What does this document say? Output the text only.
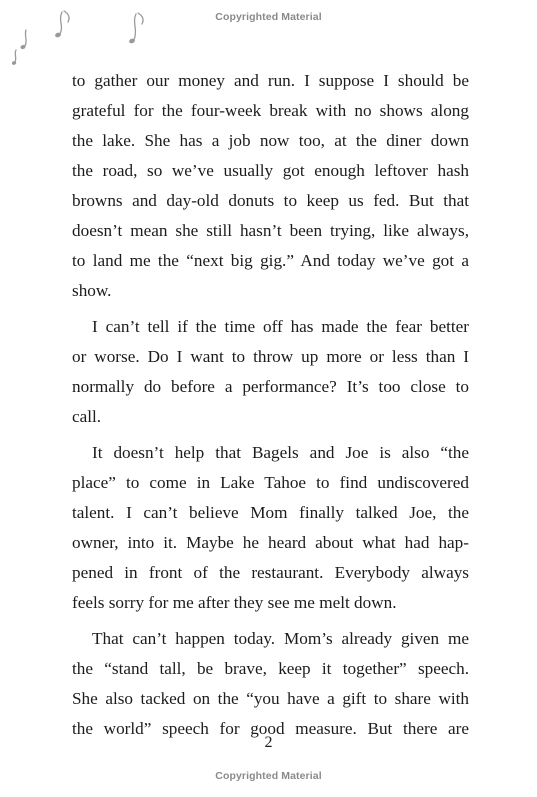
Copyrighted Material
to gather our money and run. I suppose I should be
grateful for the four-week break with no shows along
the lake. She has a job now too, at the diner down
the road, so we’ve usually got enough leftover hash
browns and day-old donuts to keep us fed. But that
doesn’t mean she still hasn’t been trying, like always,
to land me the “next big gig.” And today we’ve got a
show.
I can’t tell if the time off has made the fear better
or worse. Do I want to throw up more or less than I
normally do before a performance? It’s too close to
call.
It doesn’t help that Bagels and Joe is also “the
place” to come in Lake Tahoe to find undiscovered
talent. I can’t believe Mom finally talked Joe, the
owner, into it. Maybe he heard about what had hap-
pened in front of the restaurant. Everybody always
feels sorry for me after they see me melt down.
That can’t happen today. Mom’s already given me
the “stand tall, be brave, keep it together” speech.
She also tacked on the “you have a gift to share with
the world” speech for good measure. But there are
2
Copyrighted Material
